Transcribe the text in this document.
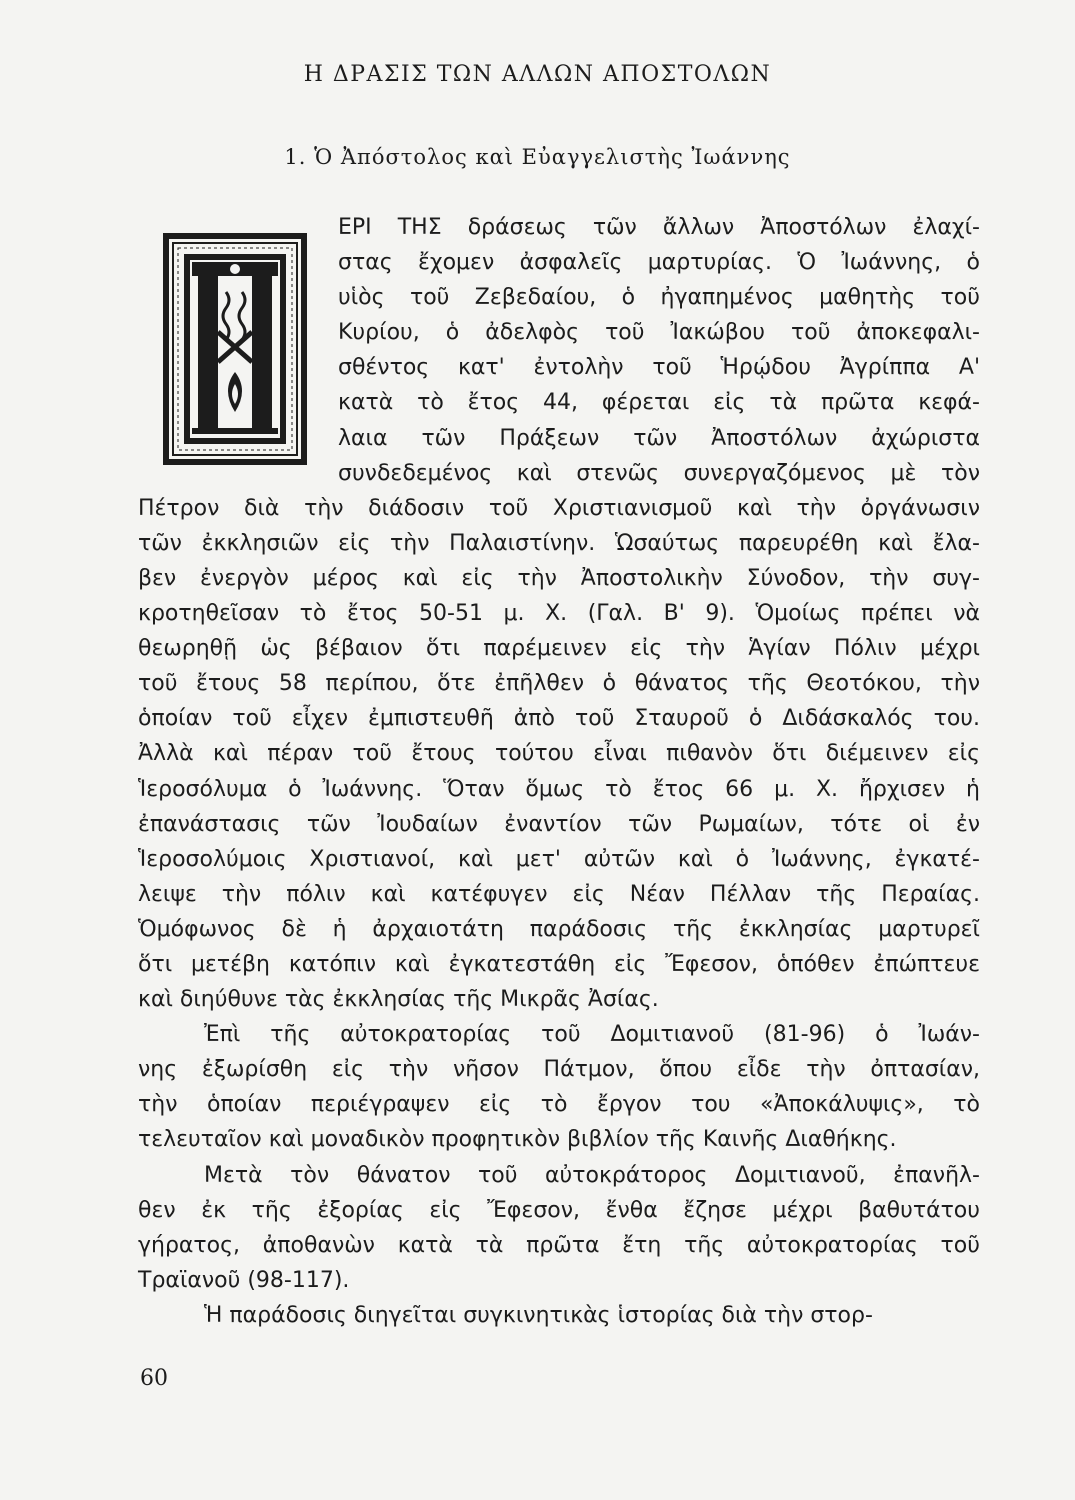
Η ΔΡΑΣΙΣ ΤΩΝ ΑΛΛΩΝ ΑΠΟΣΤΟΛΩΝ
1. Ὁ Ἀπόστολος καὶ Εὐαγγελιστὴς Ἰωάννης
ΕΡΙ ΤΗΣ δράσεως τῶν ἄλλων Ἀποστόλων ἐλαχί-
στας ἔχομεν ἀσφαλεῖς μαρτυρίας. Ὁ Ἰωάννης, ὁ
υἱὸς τοῦ Ζεβεδαίου, ὁ ἠγαπημένος μαθητὴς τοῦ
Κυρίου, ὁ ἀδελφὸς τοῦ Ἰακώβου τοῦ ἀποκεφαλι-
σθέντος κατ' ἐντολὴν τοῦ Ἡρῴδου Ἀγρίππα Α'
κατὰ τὸ ἔτος 44, φέρεται εἰς τὰ πρῶτα κεφά-
λαια τῶν Πράξεων τῶν Ἀποστόλων ἀχώριστα
συνδεδεμένος καὶ στενῶς συνεργαζόμενος μὲ τὸν
Πέτρον διὰ τὴν διάδοσιν τοῦ Χριστιανισμοῦ καὶ τὴν ὀργάνωσιν
τῶν ἐκκλησιῶν εἰς τὴν Παλαιστίνην. Ὡσαύτως παρευρέθη καὶ ἔλα-
βεν ἐνεργὸν μέρος καὶ εἰς τὴν Ἀποστολικὴν Σύνοδον, τὴν συγ-
κροτηθεῖσαν τὸ ἔτος 50-51 μ. Χ. (Γαλ. Β' 9). Ὁμοίως πρέπει νὰ
θεωρηθῇ ὡς βέβαιον ὅτι παρέμεινεν εἰς τὴν Ἁγίαν Πόλιν μέχρι
τοῦ ἔτους 58 περίπου, ὅτε ἐπῆλθεν ὁ θάνατος τῆς Θεοτόκου, τὴν
ὁποίαν τοῦ εἶχεν ἐμπιστευθῆ ἀπὸ τοῦ Σταυροῦ ὁ Διδάσκαλός του.
Ἀλλὰ καὶ πέραν τοῦ ἔτους τούτου εἶναι πιθανὸν ὅτι διέμεινεν εἰς
Ἱεροσόλυμα ὁ Ἰωάννης. Ὅταν ὅμως τὸ ἔτος 66 μ. Χ. ἤρχισεν ἡ
ἐπανάστασις τῶν Ἰουδαίων ἐναντίον τῶν Ρωμαίων, τότε οἱ ἐν
Ἱεροσολύμοις Χριστιανοί, καὶ μετ' αὐτῶν καὶ ὁ Ἰωάννης, ἐγκατέ-
λειψε τὴν πόλιν καὶ κατέφυγεν εἰς Νέαν Πέλλαν τῆς Περαίας.
Ὁμόφωνος δὲ ἡ ἀρχαιοτάτη παράδοσις τῆς ἐκκλησίας μαρτυρεῖ
ὅτι μετέβη κατόπιν καὶ ἐγκατεστάθη εἰς Ἔφεσον, ὁπόθεν ἐπώπτευε
καὶ διηύθυνε τὰς ἐκκλησίας τῆς Μικρᾶς Ἀσίας.
Ἐπὶ τῆς αὐτοκρατορίας τοῦ Δομιτιανοῦ (81-96) ὁ Ἰωάν-
νης ἐξωρίσθη εἰς τὴν νῆσον Πάτμον, ὅπου εἶδε τὴν ὀπτασίαν,
τὴν ὁποίαν περιέγραψεν εἰς τὸ ἔργον του «Ἀποκάλυψις», τὸ
τελευταῖον καὶ μοναδικὸν προφητικὸν βιβλίον τῆς Καινῆς Διαθήκης.
Μετὰ τὸν θάνατον τοῦ αὐτοκράτορος Δομιτιανοῦ, ἐπανῆλ-
θεν ἐκ τῆς ἐξορίας εἰς Ἔφεσον, ἔνθα ἔζησε μέχρι βαθυτάτου
γήρατος, ἀποθανὼν κατὰ τὰ πρῶτα ἔτη τῆς αὐτοκρατορίας τοῦ
Τραϊανοῦ (98-117).
Ἡ παράδοσις διηγεῖται συγκινητικὰς ἱστορίας διὰ τὴν στορ-
60
